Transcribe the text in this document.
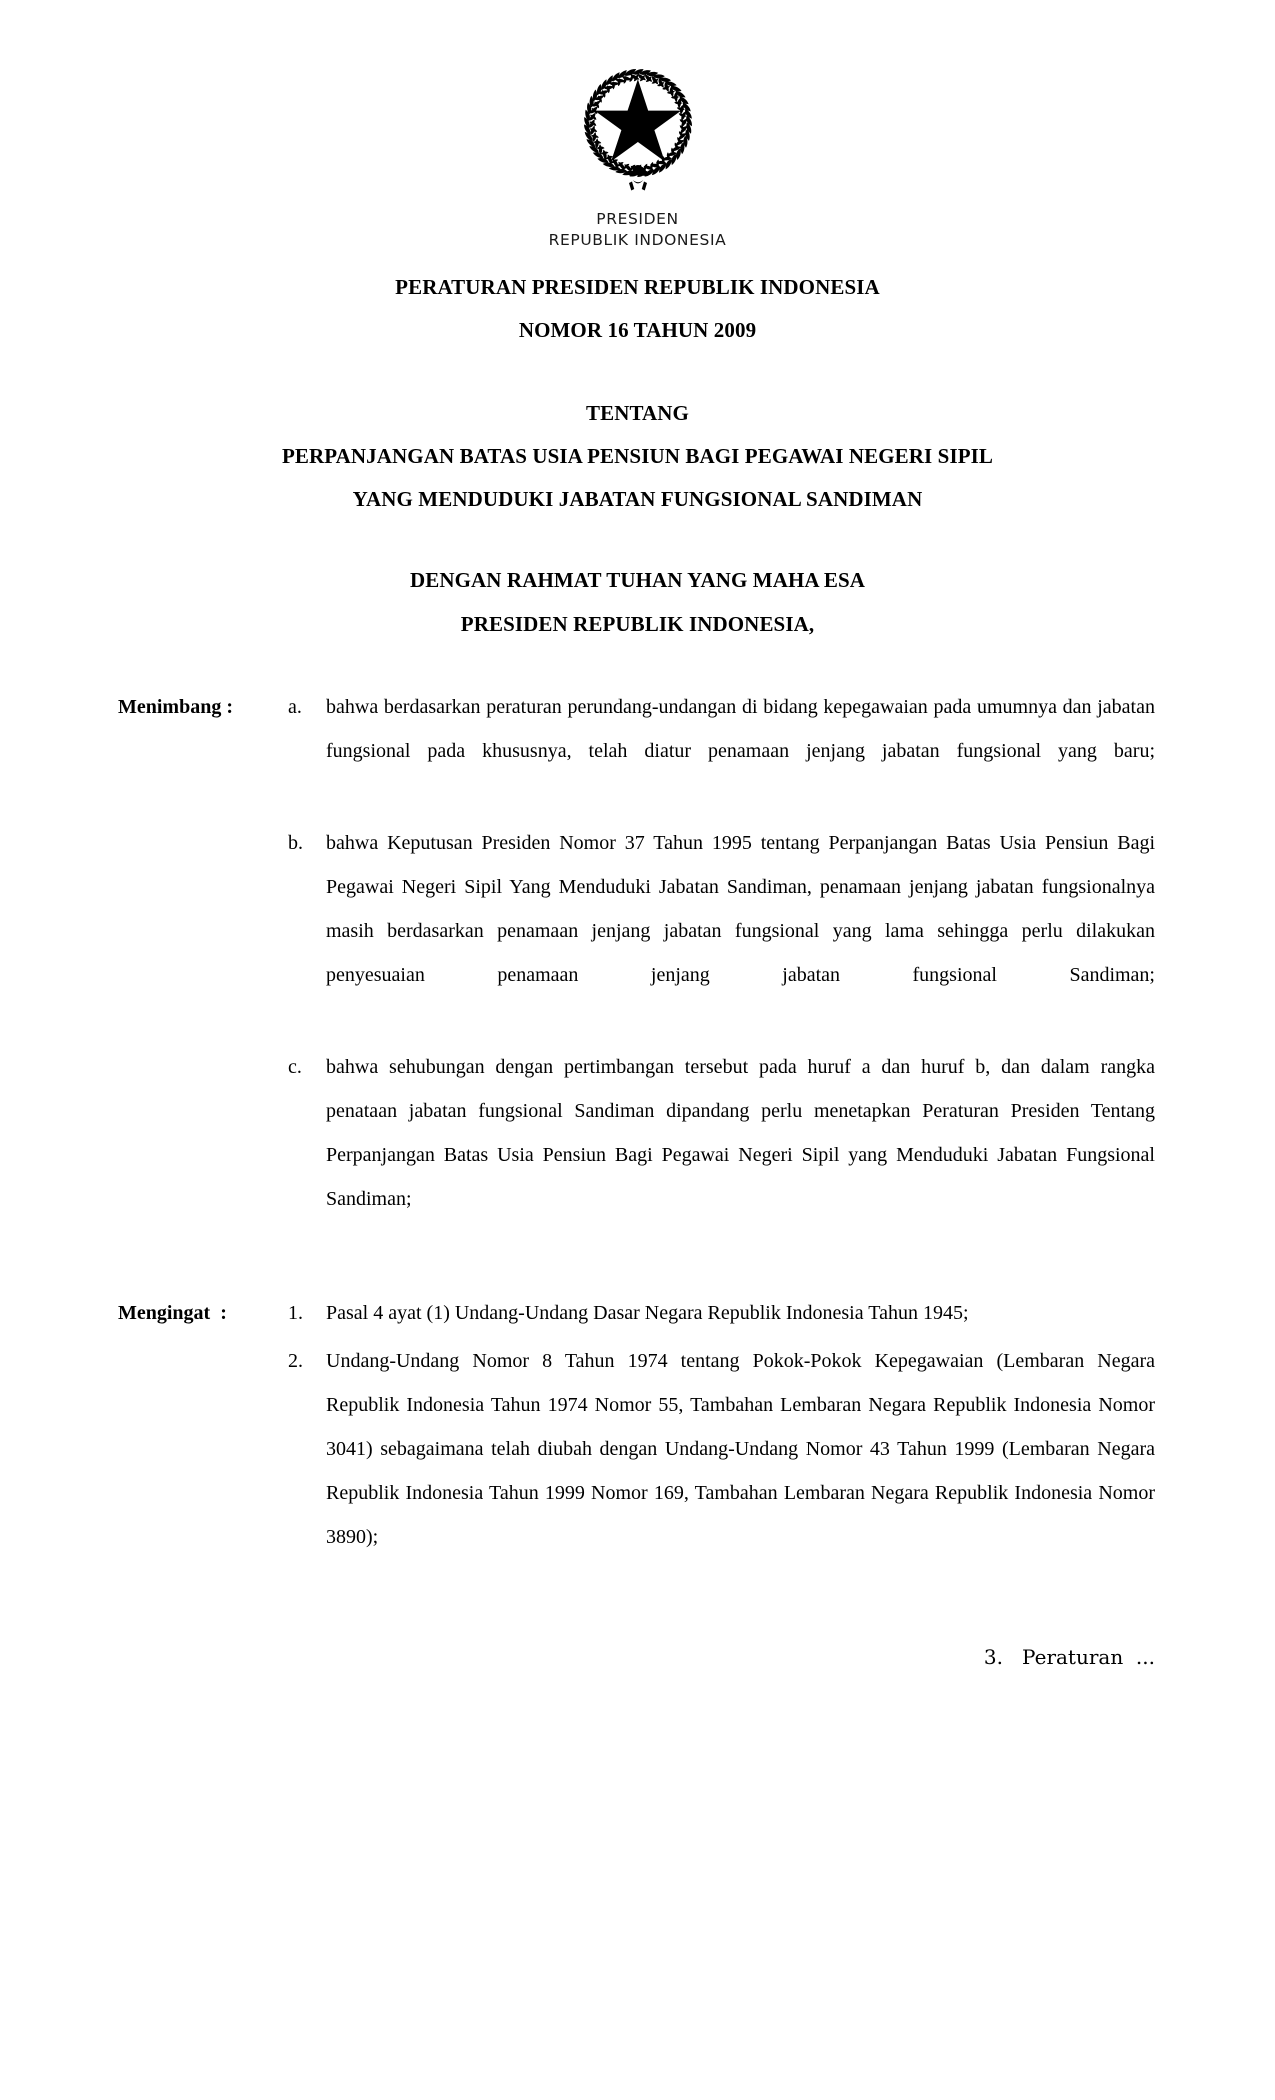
PRESIDEN
REPUBLIK INDONESIA
PERATURAN PRESIDEN REPUBLIK INDONESIA
NOMOR 16 TAHUN 2009
TENTANG
PERPANJANGAN BATAS USIA PENSIUN BAGI PEGAWAI NEGERI SIPIL
YANG MENDUDUKI JABATAN FUNGSIONAL SANDIMAN
DENGAN RAHMAT TUHAN YANG MAHA ESA
PRESIDEN REPUBLIK INDONESIA,
Menimbang :	a.	bahwa berdasarkan peraturan perundang-undangan di bidang kepegawaian pada umumnya dan jabatan fungsional pada khususnya, telah diatur penamaan jenjang jabatan fungsional yang baru;
b.	bahwa Keputusan Presiden Nomor 37 Tahun 1995 tentang Perpanjangan Batas Usia Pensiun Bagi Pegawai Negeri Sipil Yang Menduduki Jabatan Sandiman, penamaan jenjang jabatan fungsionalnya masih berdasarkan penamaan jenjang jabatan fungsional yang lama sehingga perlu dilakukan penyesuaian penamaan jenjang jabatan fungsional Sandiman;
c.	bahwa sehubungan dengan pertimbangan tersebut pada huruf a dan huruf b, dan dalam rangka penataan jabatan fungsional Sandiman dipandang perlu menetapkan Peraturan Presiden Tentang Perpanjangan Batas Usia Pensiun Bagi Pegawai Negeri Sipil yang Menduduki Jabatan Fungsional Sandiman;
Mengingat  :	1.	Pasal 4 ayat (1) Undang-Undang Dasar Negara Republik Indonesia Tahun 1945;
2.	Undang-Undang Nomor 8 Tahun 1974 tentang Pokok-Pokok Kepegawaian (Lembaran Negara Republik Indonesia Tahun 1974 Nomor 55, Tambahan Lembaran Negara Republik Indonesia Nomor 3041) sebagaimana telah diubah dengan Undang-Undang Nomor 43 Tahun 1999 (Lembaran Negara Republik Indonesia Tahun 1999 Nomor 169, Tambahan Lembaran Negara Republik Indonesia Nomor 3890);
3.   Peraturan  ...
